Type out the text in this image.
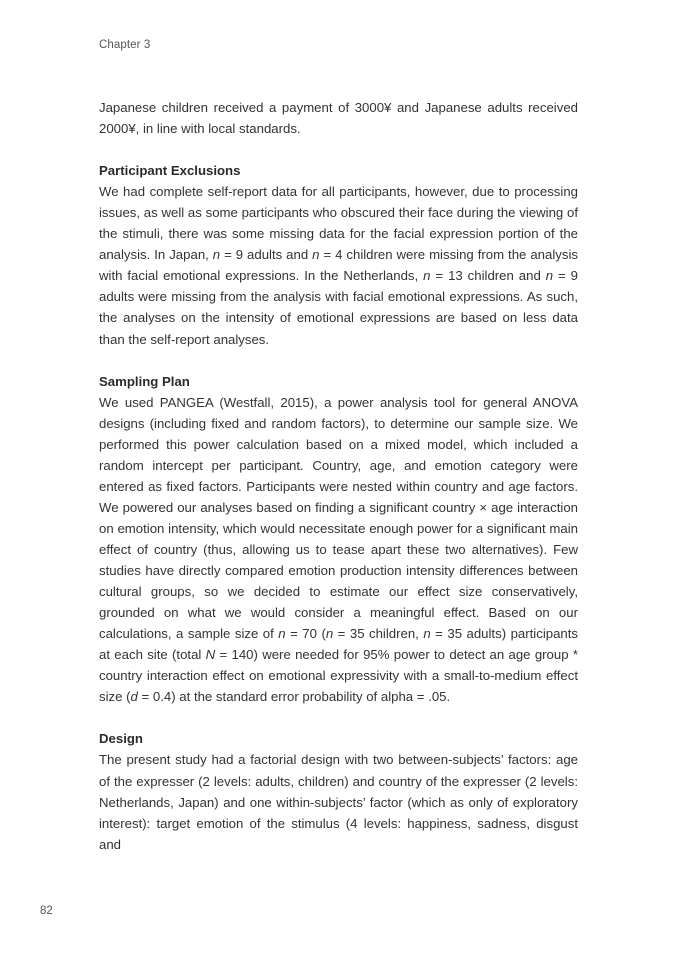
Chapter 3

Japanese children received a payment of 3000¥ and Japanese adults received 2000¥, in line with local standards.

Participant Exclusions

We had complete self-report data for all participants, however, due to processing issues, as well as some participants who obscured their face during the viewing of the stimuli, there was some missing data for the facial expression portion of the analysis. In Japan, n = 9 adults and n = 4 children were missing from the analysis with facial emotional expressions. In the Netherlands, n = 13 children and n = 9 adults were missing from the analysis with facial emotional expressions. As such, the analyses on the intensity of emotional expressions are based on less data than the self-report analyses.

Sampling Plan

We used PANGEA (Westfall, 2015), a power analysis tool for general ANOVA designs (including fixed and random factors), to determine our sample size. We performed this power calculation based on a mixed model, which included a random intercept per participant. Country, age, and emotion category were entered as fixed factors. Participants were nested within country and age factors. We powered our analyses based on finding a significant country × age interaction on emotion intensity, which would necessitate enough power for a significant main effect of country (thus, allowing us to tease apart these two alternatives). Few studies have directly compared emotion production intensity differences between cultural groups, so we decided to estimate our effect size conservatively, grounded on what we would consider a meaningful effect. Based on our calculations, a sample size of n = 70 (n = 35 children, n = 35 adults) participants at each site (total N = 140) were needed for 95% power to detect an age group * country interaction effect on emotional expressivity with a small-to-medium effect size (d = 0.4) at the standard error probability of alpha = .05.

Design

The present study had a factorial design with two between-subjects’ factors: age of the expresser (2 levels: adults, children) and country of the expresser (2 levels: Netherlands, Japan) and one within-subjects’ factor (which as only of exploratory interest): target emotion of the stimulus (4 levels: happiness, sadness, disgust and

82
